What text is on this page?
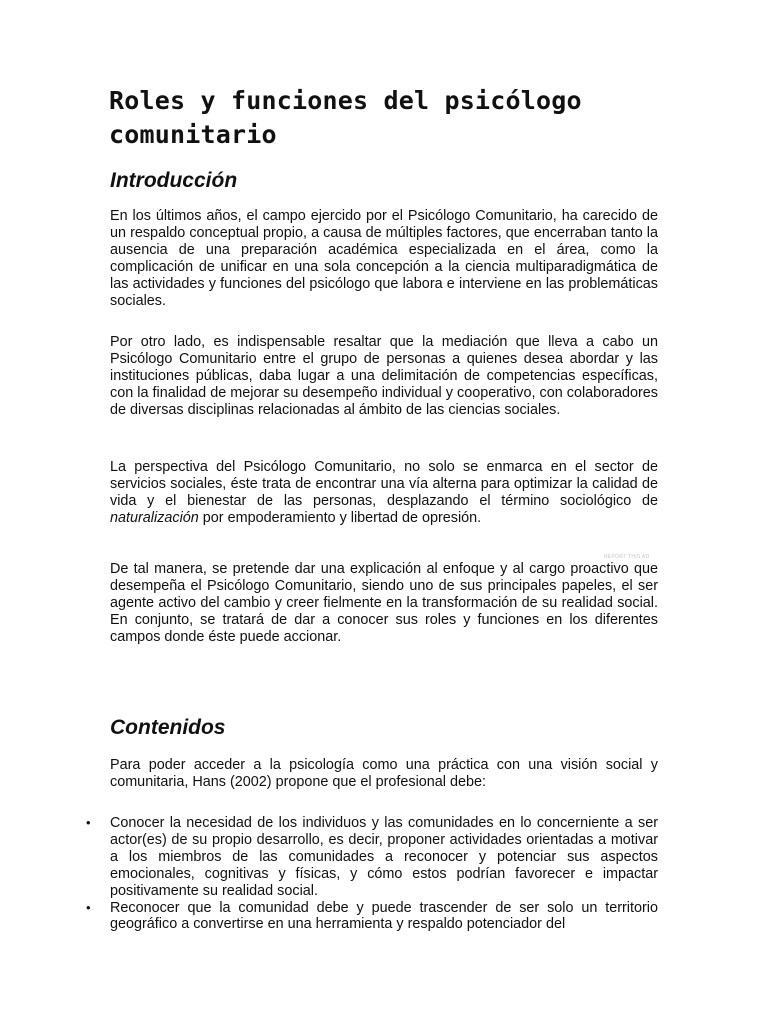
Roles y funciones del psicólogo comunitario
Introducción

En los últimos años, el campo ejercido por el Psicólogo Comunitario, ha carecido de un respaldo conceptual propio, a causa de múltiples factores, que encerraban tanto la ausencia de una preparación académica especializada en el área, como la complicación de unificar en una sola concepción a la ciencia multiparadigmática de las actividades y funciones del psicólogo que labora e interviene en las problemáticas sociales.

Por otro lado, es indispensable resaltar que la mediación que lleva a cabo un Psicólogo Comunitario entre el grupo de personas a quienes desea abordar y las instituciones públicas, daba lugar a una delimitación de competencias específicas, con la finalidad de mejorar su desempeño individual y cooperativo, con colaboradores de diversas disciplinas relacionadas al ámbito de las ciencias sociales.

La perspectiva del Psicólogo Comunitario, no solo se enmarca en el sector de servicios sociales, éste trata de encontrar una vía alterna para optimizar la calidad de vida y el bienestar de las personas, desplazando el término sociológico de naturalización por empoderamiento y libertad de opresión.

REPORT THIS AD

De tal manera, se pretende dar una explicación al enfoque y al cargo proactivo que desempeña el Psicólogo Comunitario, siendo uno de sus principales papeles, el ser agente activo del cambio y creer fielmente en la transformación de su realidad social. En conjunto, se tratará de dar a conocer sus roles y funciones en los diferentes campos donde éste puede accionar.

Contenidos

Para poder acceder a la psicología como una práctica con una visión social y comunitaria, Hans (2002) propone que el profesional debe:

• Conocer la necesidad de los individuos y las comunidades en lo concerniente a ser actor(es) de su propio desarrollo, es decir, proponer actividades orientadas a motivar a los miembros de las comunidades a reconocer y potenciar sus aspectos emocionales, cognitivas y físicas, y cómo estos podrían favorecer e impactar positivamente su realidad social.
• Reconocer que la comunidad debe y puede trascender de ser solo un territorio geográfico a convertirse en una herramienta y respaldo potenciador del
